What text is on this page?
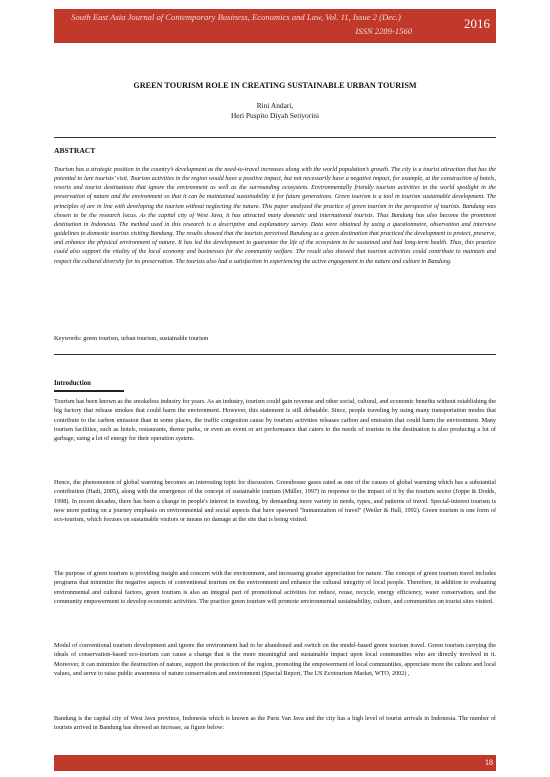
South East Asia Journal of Contemporary Business, Economics and Law, Vol. 11, Issue 2 (Dec.)
ISSN 2289-1560	2016
GREEN TOURISM ROLE IN CREATING SUSTAINABLE URBAN TOURISM
Rini Andari,
Heri Puspito Diyah Setiyorini
ABSTRACT

Tourism has a strategic position in the country’s development as the need-to-travel increases along with the world population’s growth. The city is a tourist attraction that has the potential to lure tourists’ visit. Tourism activities in the region would have a positive impact, but not necessarily have a negative impact, for example, at the construction of hotels, resorts and tourist destinations that ignore the environment as well as the surrounding ecosystem. Environmentally friendly tourism activities in the world spotlight in the preservation of nature and the environment so that it can be maintained sustainability it for future generations. Green tourism is a tool in tourism sustainable development. The principles of are in line with developing the tourism without neglecting the nature. This paper analyzed the practice of green tourism in the perspective of tourists. Bandung was chosen to be the research locus. As the capital city of West Java, it has attracted many domestic and international tourists. Thus Bandung has also become the prominent destination in Indonesia. The method used in this research is a descriptive and explanatory survey. Data were obtained by using a questionnaire, observation and interview guidelines to domestic tourists visiting Bandung. The results showed that the tourists perceived Bandung as a green destination that practiced the development to protect, preserve, and enhance the physical environment of nature. It has led the development to guarantee the life of the ecosystem to be sustained and had long-term health. Thus, this practice could also support the vitality of the local economy and businesses for the community welfare. The result also showed that tourism activities could contribute to maintain and respect the cultural diversity for its preservation. The tourists also had a satisfaction in experiencing the active engagement in the nature and culture in Bandung.

Keywords: green tourism, urban tourism, sustainable tourism

Introduction

Tourism has been known as the smokeless industry for years. As an industry, tourism could gain revenue and other social, cultural, and economic benefits without establishing the big factory that release smokes that could harm the environment. However, this statement is still debatable. Since, people traveling by using many transportation modes that contribute to the carbon emission than in some places, the traffic congestion cause by tourism activities releases carbon and emission that could harm the environment. Many tourism facilities, such as hotels, restaurants, theme parks, or even an event or art performance that caters to the needs of tourists in the destination is also producing a lot of garbage, using a lot of energy for their operation system.

Hence, the phenomenon of global warming becomes an interesting topic for discussion. Greenhouse gases rated as one of the causes of global warming which has a substantial contribution (Hadi, 2005), along with the emergence of the concept of sustainable tourism (Müller, 1997) in response to the impact of it by the tourism sector (Joppe & Dodds, 1998). In recent decades, there has been a change in people's interest in traveling, by demanding more variety in needs, types, and patterns of travel. Special-interest tourism is now more putting on a journey emphasis on environmental and social aspects that have spawned "humanization of travel" (Weiler & Hall, 1992). Green tourism is one form of eco-tourism, which focuses on sustainable visitors or means no damage at the site that is being visited.

The purpose of green tourism is providing insight and concern with the environment, and increasing greater appreciation for nature. The concept of green tourism travel includes programs that minimize the negative aspects of conventional tourism on the environment and enhance the cultural integrity of local people. Therefore, in addition to evaluating environmental and cultural factors, green tourism is also an integral part of promotional activities for reduce, reuse, recycle, energy efficiency, water conservation, and the community empowerment to develop economic activities. The practice green tourism will promote environmental sustainability, culture, and communities on tourist sites visited.

Model of conventional tourism development and ignore the environment had to be abandoned and switch on the model-based green tourism travel. Green tourism carrying the ideals of conservation-based eco-tourism can cause a change that is the more meaningful and sustainable impact upon local communities who are directly involved in it. Moreover, it can minimize the destruction of nature, support the protection of the region, promoting the empowerment of local communities, appreciate more the culture and local values, and serve to raise public awareness of nature conservation and environment (Special Report, The US Ecotourism Market, WTO, 2002) ,

Bandung is the capital city of West Java province, Indonesia which is known as the Paris Van Java and the city has a high level of tourist arrivals in Indonesia. The number of tourists arrived in Bandung has showed an increase, as figure below:

18
